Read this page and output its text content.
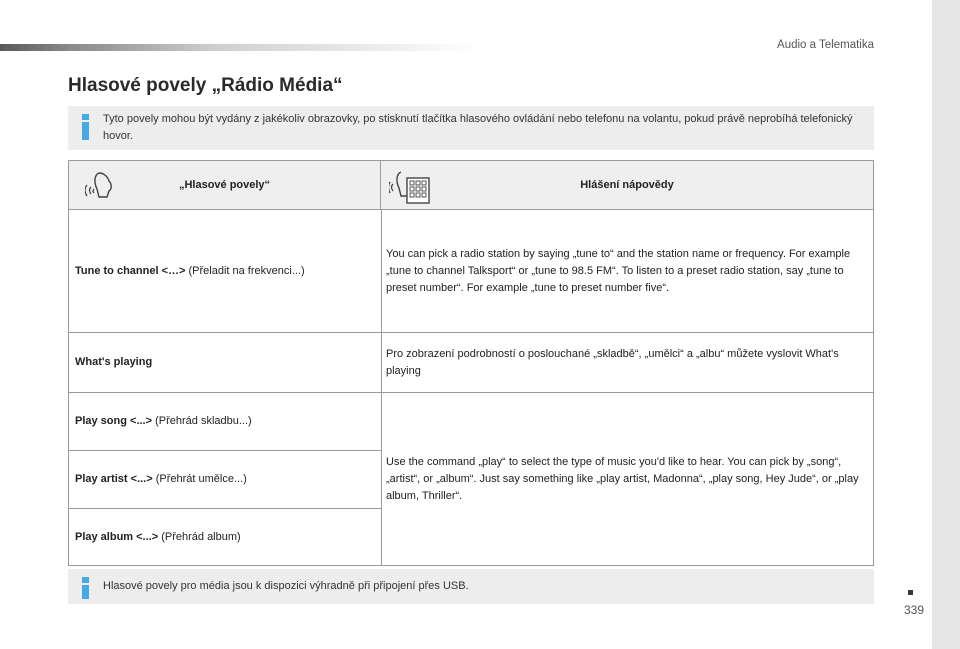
Audio a Telematika
Hlasové povely „Rádio Média“
Tyto povely mohou být vydány z jakékoliv obrazovky, po stisknutí tlačítka hlasového ovládání nebo telefonu na volantu, pokud právě neprobíhá telefonický hovor.
„Hlasové povely“	Hlášení nápovědy
Tune to channel <…> (Přeladit na frekvenci...)
You can pick a radio station by saying „tune to“ and the station name or frequency. For example „tune to channel Talksport“ or „tune to 98.5 FM“. To listen to a preset radio station, say „tune to preset number“. For example „tune to preset number five“.
What's playing
Pro zobrazení podrobností o poslouchané „skladbě“, „umělci“ a „albu“ můžete vyslovit What's playing
Play song <...> (Přehrád skladbu...)
Play artist <...> (Přehrát umělce...)
Play album <...> (Přehrád album)
Use the command „play“ to select the type of music you'd like to hear. You can pick by „song“, „artist“, or „album“. Just say something like „play artist, Madonna“, „play song, Hey Jude“, or „play album, Thriller“.
Hlasové povely pro média jsou k dispozici výhradně při připojení přes USB.
339
